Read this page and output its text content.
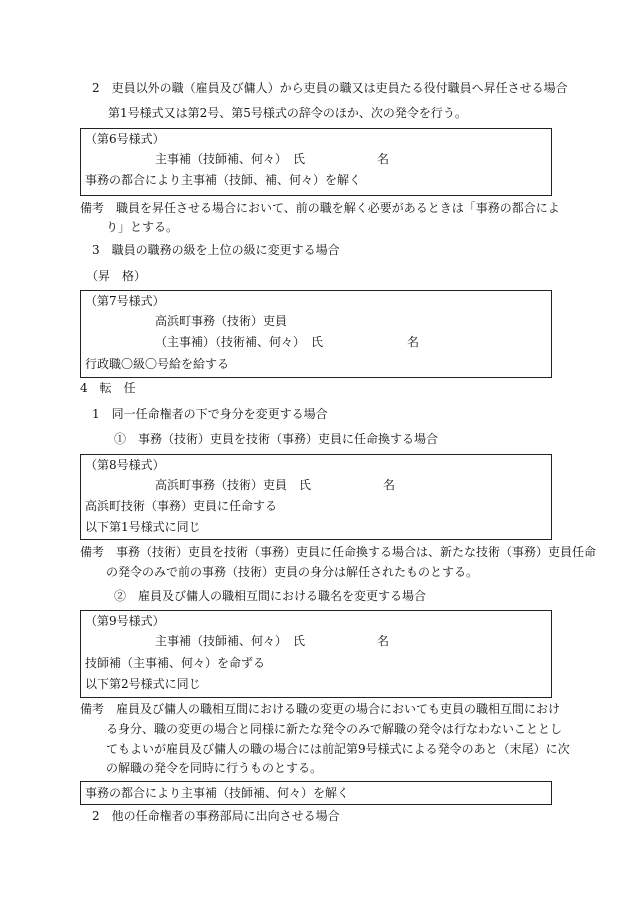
2　吏員以外の職（雇員及び傭人）から吏員の職又は吏員たる役付職員へ昇任させる場合
第1号様式又は第2号、第5号様式の辞令のほか、次の発令を行う。
（第6号様式）
主事補（技師補、何々）　氏　　　　　　名
事務の都合により主事補（技師、補、何々）を解く
備考　職員を昇任させる場合において、前の職を解く必要があるときは「事務の都合によ
り」とする。
3　職員の職務の級を上位の級に変更する場合
（昇　格）
（第7号様式）
高浜町事務（技術）吏員
（主事補）（技術補、何々）　氏　　　　　　　名
行政職〇級〇号給を給する
4　転　任
1　同一任命権者の下で身分を変更する場合
①　事務（技術）吏員を技術（事務）吏員に任命換する場合
（第8号様式）
高浜町事務（技術）吏員　氏　　　　　　名
高浜町技術（事務）吏員に任命する
以下第1号様式に同じ
備考　事務（技術）吏員を技術（事務）吏員に任命換する場合は、新たな技術（事務）吏員任命
の発令のみで前の事務（技術）吏員の身分は解任されたものとする。
②　雇員及び傭人の職相互間における職名を変更する場合
（第9号様式）
主事補（技師補、何々）　氏　　　　　　名
技師補（主事補、何々）を命ずる
以下第2号様式に同じ
備考　雇員及び傭人の職相互間における職の変更の場合においても吏員の職相互間におけ
る身分、職の変更の場合と同様に新たな発令のみで解職の発令は行なわないこととし
てもよいが雇員及び傭人の職の場合には前記第9号様式による発令のあと（末尾）に次
の解職の発令を同時に行うものとする。
事務の都合により主事補（技師補、何々）を解く
2　他の任命権者の事務部局に出向させる場合
